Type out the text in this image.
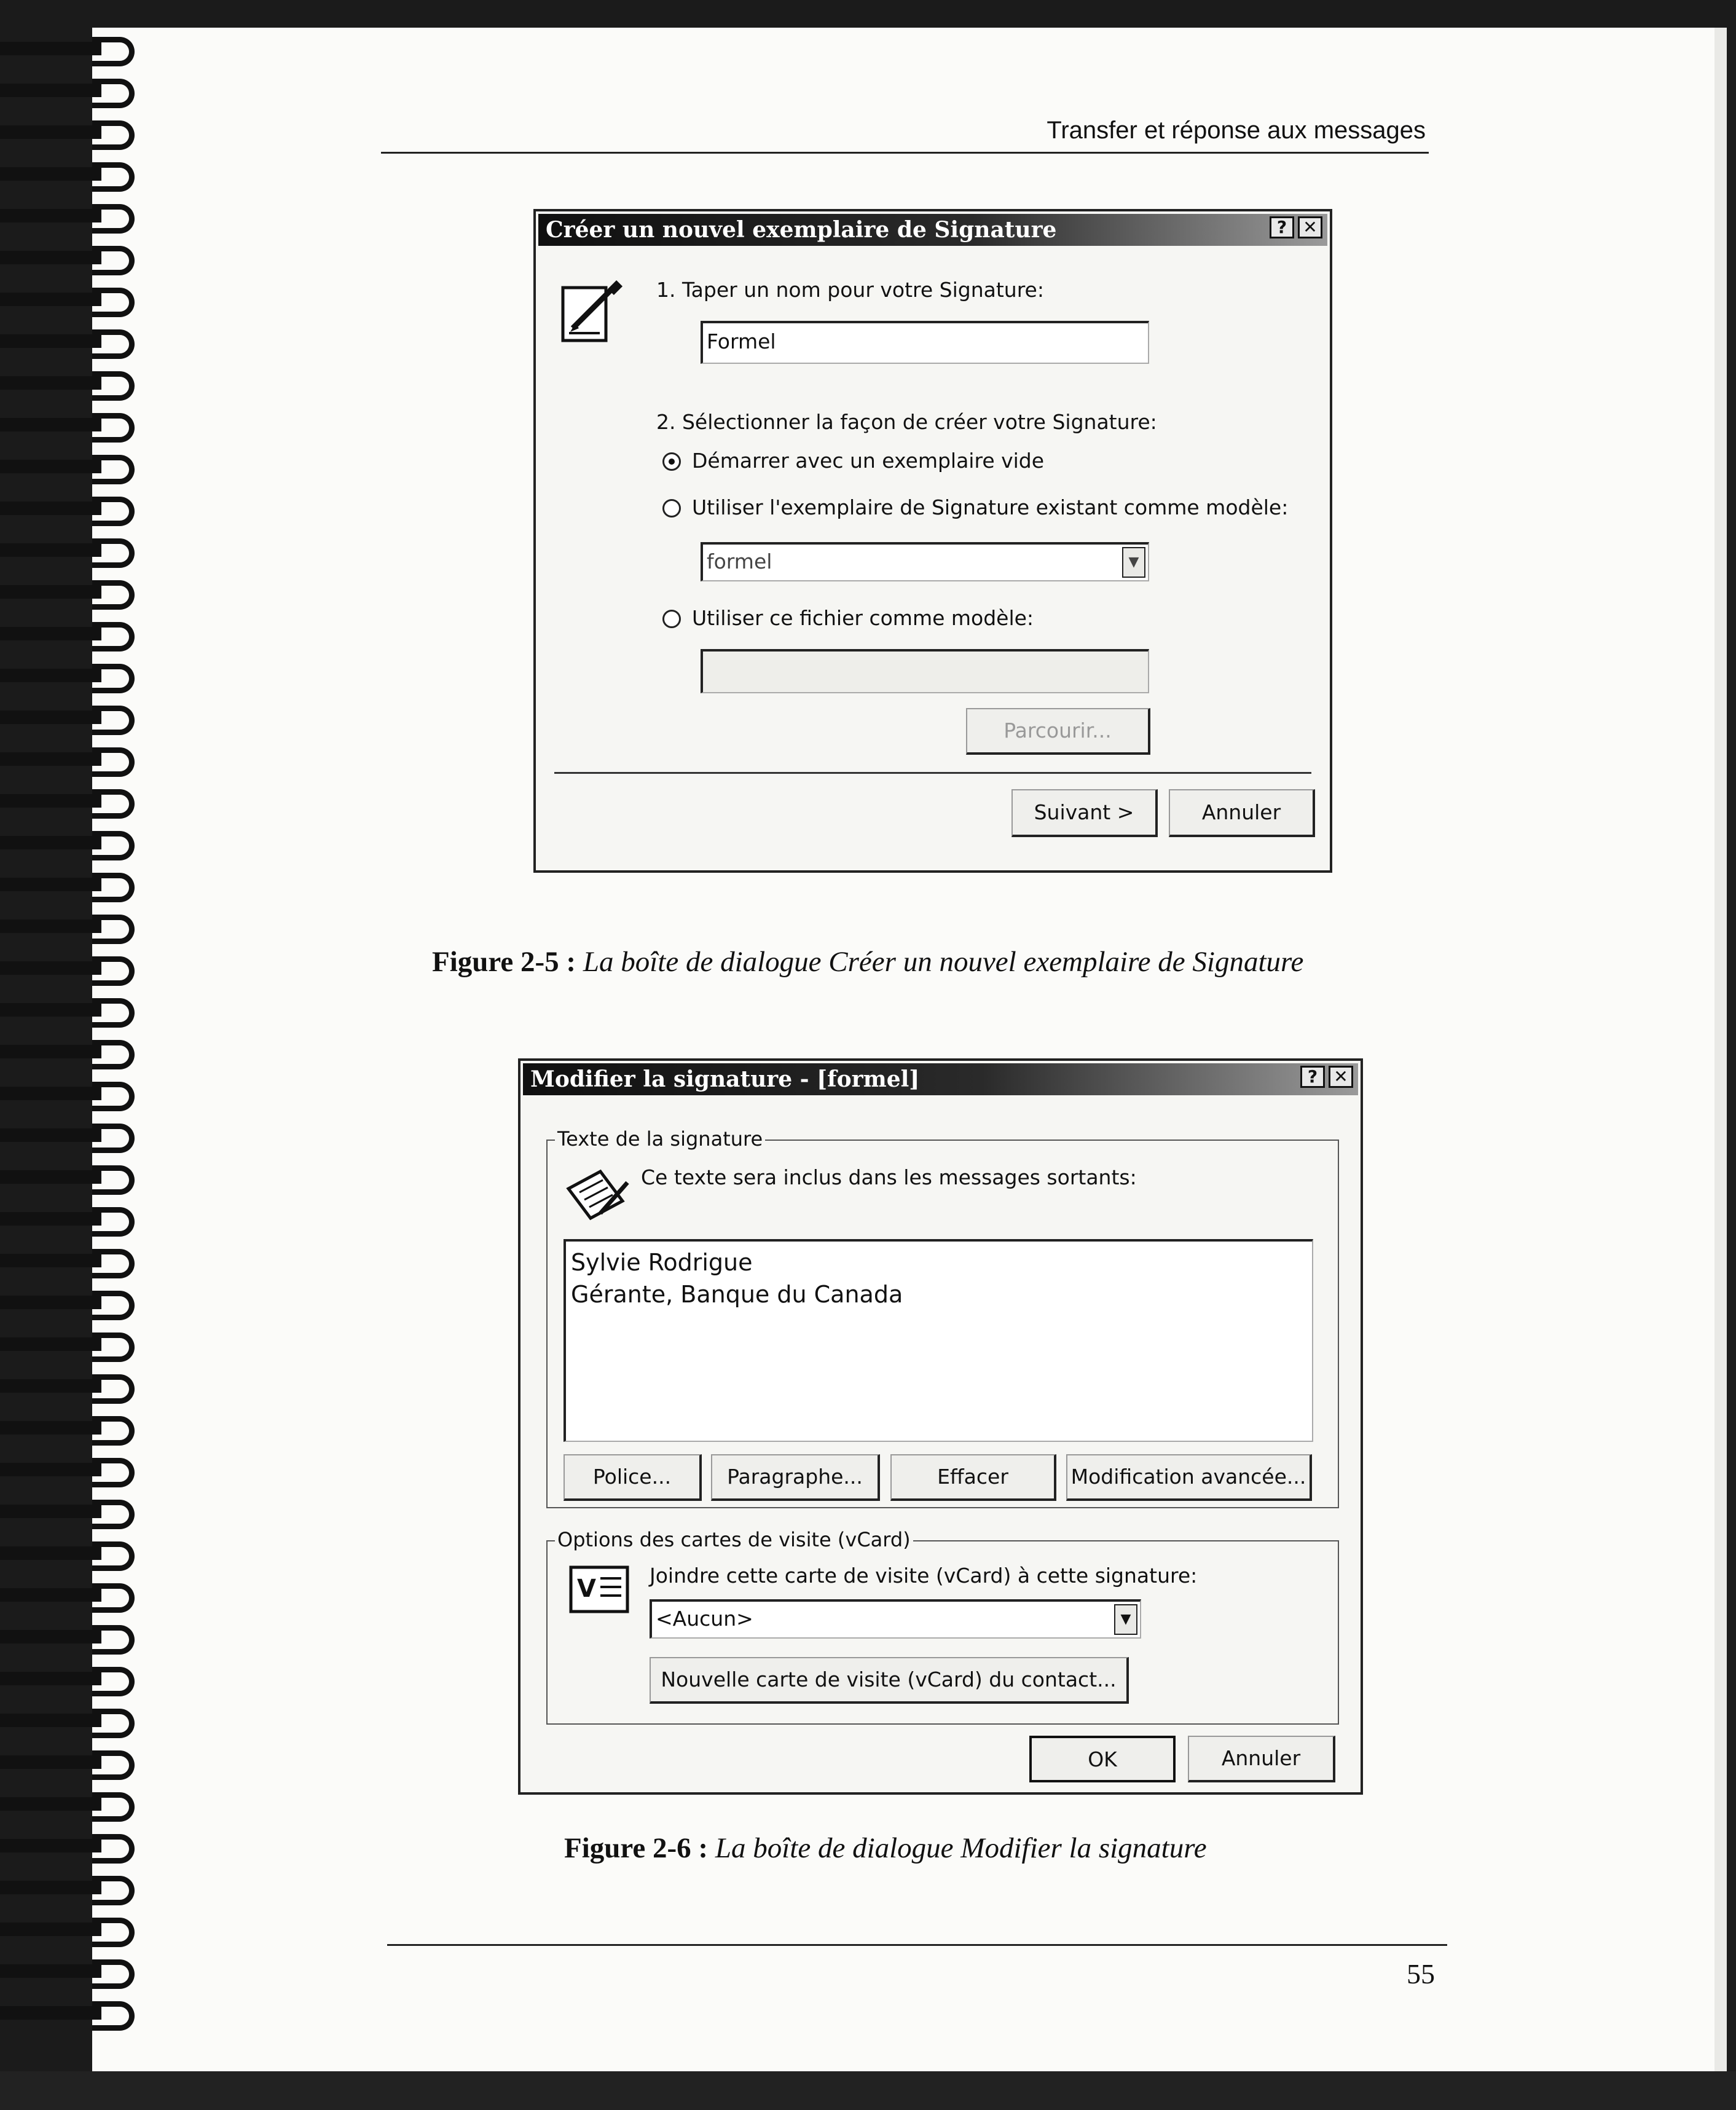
Transfer et réponse aux messages
Créer un nouvel exemplaire de Signature	? ✕
1. Taper un nom pour votre Signature:
Formel
2. Sélectionner la façon de créer votre Signature:
Démarrer avec un exemplaire vide
Utiliser l'exemplaire de Signature existant comme modèle:
formel	▼
Utiliser ce fichier comme modèle:
Parcourir...
Suivant >	Annuler
Figure 2-5 : La boîte de dialogue Créer un nouvel exemplaire de Signature
Modifier la signature - [formel]	? ✕
Texte de la signature
Ce texte sera inclus dans les messages sortants:
Sylvie Rodrigue
Gérante, Banque du Canada
Police...	Paragraphe...	Effacer	Modification avancée...
Options des cartes de visite (vCard)
V	Joindre cette carte de visite (vCard) à cette signature:
<Aucun>	▼
Nouvelle carte de visite (vCard) du contact...
OK	Annuler
Figure 2-6 : La boîte de dialogue Modifier la signature
55
